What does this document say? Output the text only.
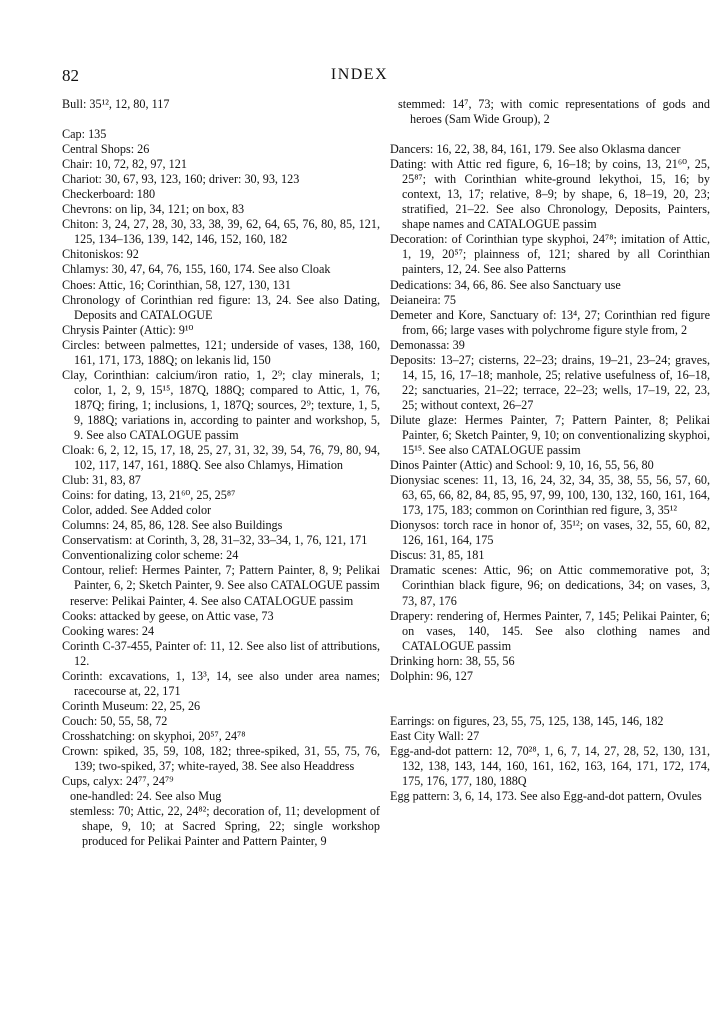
82	INDEX

Bull: 35¹², 12, 80, 117

Cap: 135

Central Shops: 26

Chair: 10, 72, 82, 97, 121

Chariot: 30, 67, 93, 123, 160; driver: 30, 93, 123

Checkerboard: 180

Chevrons: on lip, 34, 121; on box, 83

Chiton: 3, 24, 27, 28, 30, 33, 38, 39, 62, 64, 65, 76, 80, 85, 121, 125, 134–136, 139, 142, 146, 152, 160, 182

Chitoniskos: 92

Chlamys: 30, 47, 64, 76, 155, 160, 174. See also Cloak

Choes: Attic, 16; Corinthian, 58, 127, 130, 131

Chronology of Corinthian red figure: 13, 24. See also Dating, Deposits and CATALOGUE

Chrysis Painter (Attic): 9¹⁰

Circles: between palmettes, 121; underside of vases, 138, 160, 161, 171, 173, 188Q; on lekanis lid, 150

Clay, Corinthian: calcium/iron ratio, 1, 2⁹; clay minerals, 1; color, 1, 2, 9, 15¹⁵, 187Q, 188Q; compared to Attic, 1, 76, 187Q; firing, 1; inclusions, 1, 187Q; sources, 2⁹; texture, 1, 5, 9, 188Q; variations in, according to painter and workshop, 5, 9. See also CATALOGUE passim

Cloak: 6, 2, 12, 15, 17, 18, 25, 27, 31, 32, 39, 54, 76, 79, 80, 94, 102, 117, 147, 161, 188Q. See also Chlamys, Himation

Club: 31, 83, 87

Coins: for dating, 13, 21⁶⁰, 25, 25⁸⁷

Color, added. See Added color

Columns: 24, 85, 86, 128. See also Buildings

Conservatism: at Corinth, 3, 28, 31–32, 33–34, 1, 76, 121, 171

Conventionalizing color scheme: 24

Contour, relief: Hermes Painter, 7; Pattern Painter, 8, 9; Pelikai Painter, 6, 2; Sketch Painter, 9. See also CATALOGUE passim

reserve: Pelikai Painter, 4. See also CATALOGUE passim

Cooks: attacked by geese, on Attic vase, 73

Cooking wares: 24

Corinth C-37-455, Painter of: 11, 12. See also list of attributions, 12.

Corinth: excavations, 1, 13³, 14, see also under area names; racecourse at, 22, 171

Corinth Museum: 22, 25, 26

Couch: 50, 55, 58, 72

Crosshatching: on skyphoi, 20⁵⁷, 24⁷⁸

Crown: spiked, 35, 59, 108, 182; three-spiked, 31, 55, 75, 76, 139; two-spiked, 37; white-rayed, 38. See also Headdress

Cups, calyx: 24⁷⁷, 24⁷⁹

one-handled: 24. See also Mug

stemless: 70; Attic, 22, 24⁸²; decoration of, 11; development of shape, 9, 10; at Sacred Spring, 22; single workshop produced for Pelikai Painter and Pattern Painter, 9

stemmed: 14⁷, 73; with comic representations of gods and heroes (Sam Wide Group), 2

Dancers: 16, 22, 38, 84, 161, 179. See also Oklasma dancer

Dating: with Attic red figure, 6, 16–18; by coins, 13, 21⁶⁰, 25, 25⁸⁷; with Corinthian white-ground lekythoi, 15, 16; by context, 13, 17; relative, 8–9; by shape, 6, 18–19, 20, 23; stratified, 21–22. See also Chronology, Deposits, Painters, shape names and CATALOGUE passim

Decoration: of Corinthian type skyphoi, 24⁷⁸; imitation of Attic, 1, 19, 20⁵⁷; plainness of, 121; shared by all Corinthian painters, 12, 24. See also Patterns

Dedications: 34, 66, 86. See also Sanctuary use

Deianeira: 75

Demeter and Kore, Sanctuary of: 13⁴, 27; Corinthian red figure from, 66; large vases with polychrome figure style from, 2

Demonassa: 39

Deposits: 13–27; cisterns, 22–23; drains, 19–21, 23–24; graves, 14, 15, 16, 17–18; manhole, 25; relative usefulness of, 16–18, 22; sanctuaries, 21–22; terrace, 22–23; wells, 17–19, 22, 23, 25; without context, 26–27

Dilute glaze: Hermes Painter, 7; Pattern Painter, 8; Pelikai Painter, 6; Sketch Painter, 9, 10; on conventionalizing skyphoi, 15¹⁵. See also CATALOGUE passim

Dinos Painter (Attic) and School: 9, 10, 16, 55, 56, 80

Dionysiac scenes: 11, 13, 16, 24, 32, 34, 35, 38, 55, 56, 57, 60, 63, 65, 66, 82, 84, 85, 95, 97, 99, 100, 130, 132, 160, 161, 164, 173, 175, 183; common on Corinthian red figure, 3, 35¹²

Dionysos: torch race in honor of, 35¹²; on vases, 32, 55, 60, 82, 126, 161, 164, 175

Discus: 31, 85, 181

Dramatic scenes: Attic, 96; on Attic commemorative pot, 3; Corinthian black figure, 96; on dedications, 34; on vases, 3, 73, 87, 176

Drapery: rendering of, Hermes Painter, 7, 145; Pelikai Painter, 6; on vases, 140, 145. See also clothing names and CATALOGUE passim

Drinking horn: 38, 55, 56

Dolphin: 96, 127

Earrings: on figures, 23, 55, 75, 125, 138, 145, 146, 182

East City Wall: 27

Egg-and-dot pattern: 12, 70²⁸, 1, 6, 7, 14, 27, 28, 52, 130, 131, 132, 138, 143, 144, 160, 161, 162, 163, 164, 171, 172, 174, 175, 176, 177, 180, 188Q

Egg pattern: 3, 6, 14, 173. See also Egg-and-dot pattern, Ovules
